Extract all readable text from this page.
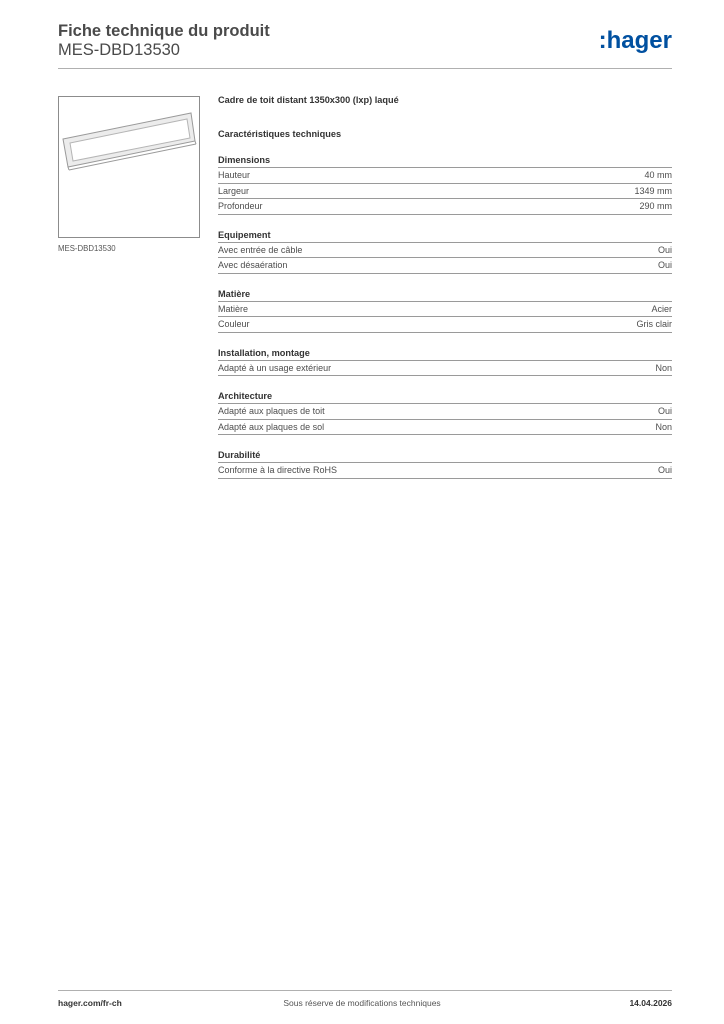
Fiche technique du produit
MES-DBD13530	:hager
MES-DBD13530
Cadre de toit distant 1350x300 (lxp) laqué
Caractéristiques techniques
Dimensions
Hauteur	40 mm
Largeur	1349 mm
Profondeur	290 mm
Equipement
Avec entrée de câble	Oui
Avec désaération	Oui
Matière
Matière	Acier
Couleur	Gris clair
Installation, montage
Adapté à un usage extérieur	Non
Architecture
Adapté aux plaques de toit	Oui
Adapté aux plaques de sol	Non
Durabilité
Conforme à la directive RoHS	Oui
hager.com/fr-ch	Sous réserve de modifications techniques	14.04.2026
